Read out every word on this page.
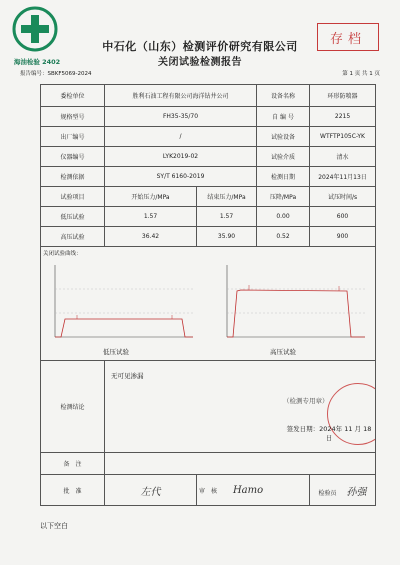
海油检验 2402
中石化（山东）检测评价研究有限公司
关闭试验检测报告
存档
报告编号：SBKF5069-2024	第 1 页 共 1 页
委检单位	胜利石油工程有限公司海洋钻井公司		设备名称	环形防喷器
规格型号	FH35-35/70		自 编 号	2215
出厂编号	/		试验设备	WTFTP105C-YK
仪器编号	LYK2019-02		试验介质	清水
检测依据	SY/T 6160-2019		检测日期	2024年11月13日
试验项目	开始压力/MPa	结束压力/MPa	压降/MPa	试压时间/s
低压试验	1.57	1.57	0.00	600
高压试验	36.42	35.90	0.52	900

关闭试验曲线：
低压试验 高压试验				

检测结论	无可见渗漏
（检测专用章）
签发日期：2024年 11 月 18 日			

备　注				
批　准	左代	审　核 Hamo		检验员 孙强
以下空白
